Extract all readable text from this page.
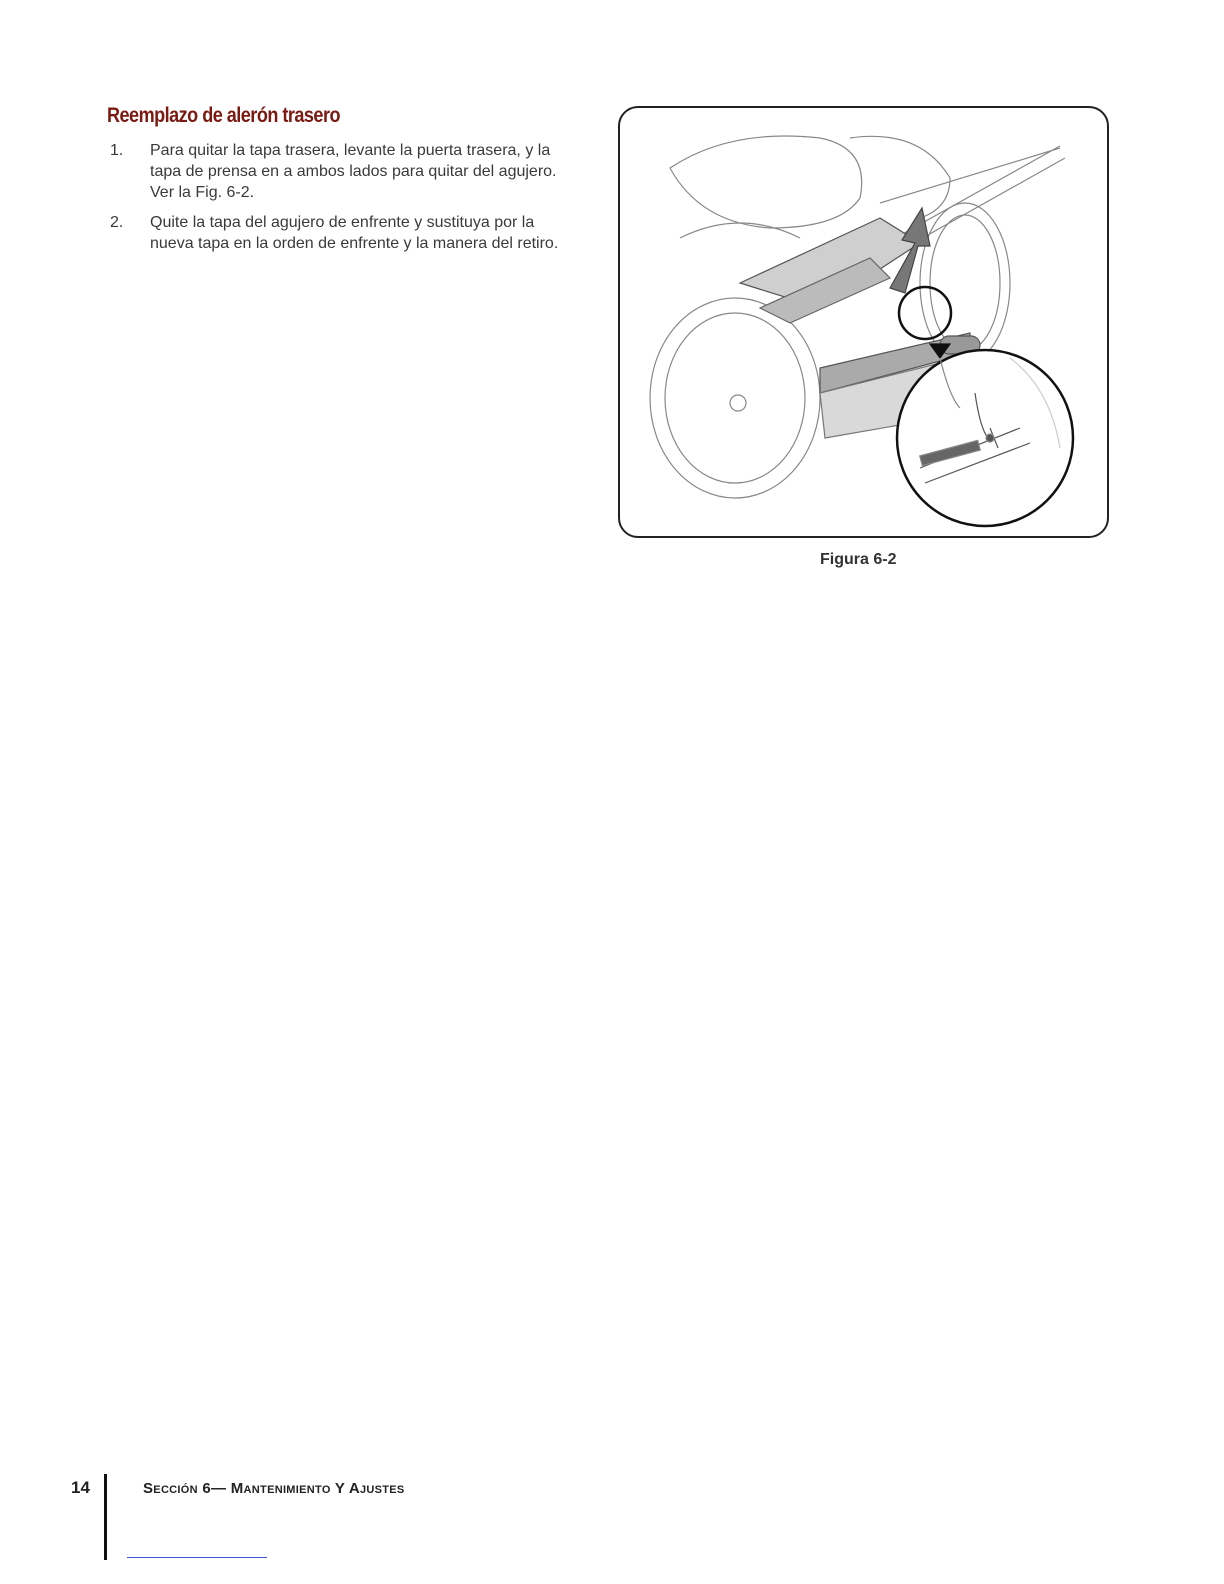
Reemplazo de alerón trasero
1.	Para quitar la tapa trasera, levante la puerta trasera, y la tapa de prensa en a ambos lados para quitar del agujero. Ver la Fig. 6-2.
2.	Quite la tapa del agujero de enfrente y sustituya por la nueva tapa en la orden de enfrente y la manera del retiro.
Figura 6-2
14	Sección 6— Mantenimiento Y Ajustes
